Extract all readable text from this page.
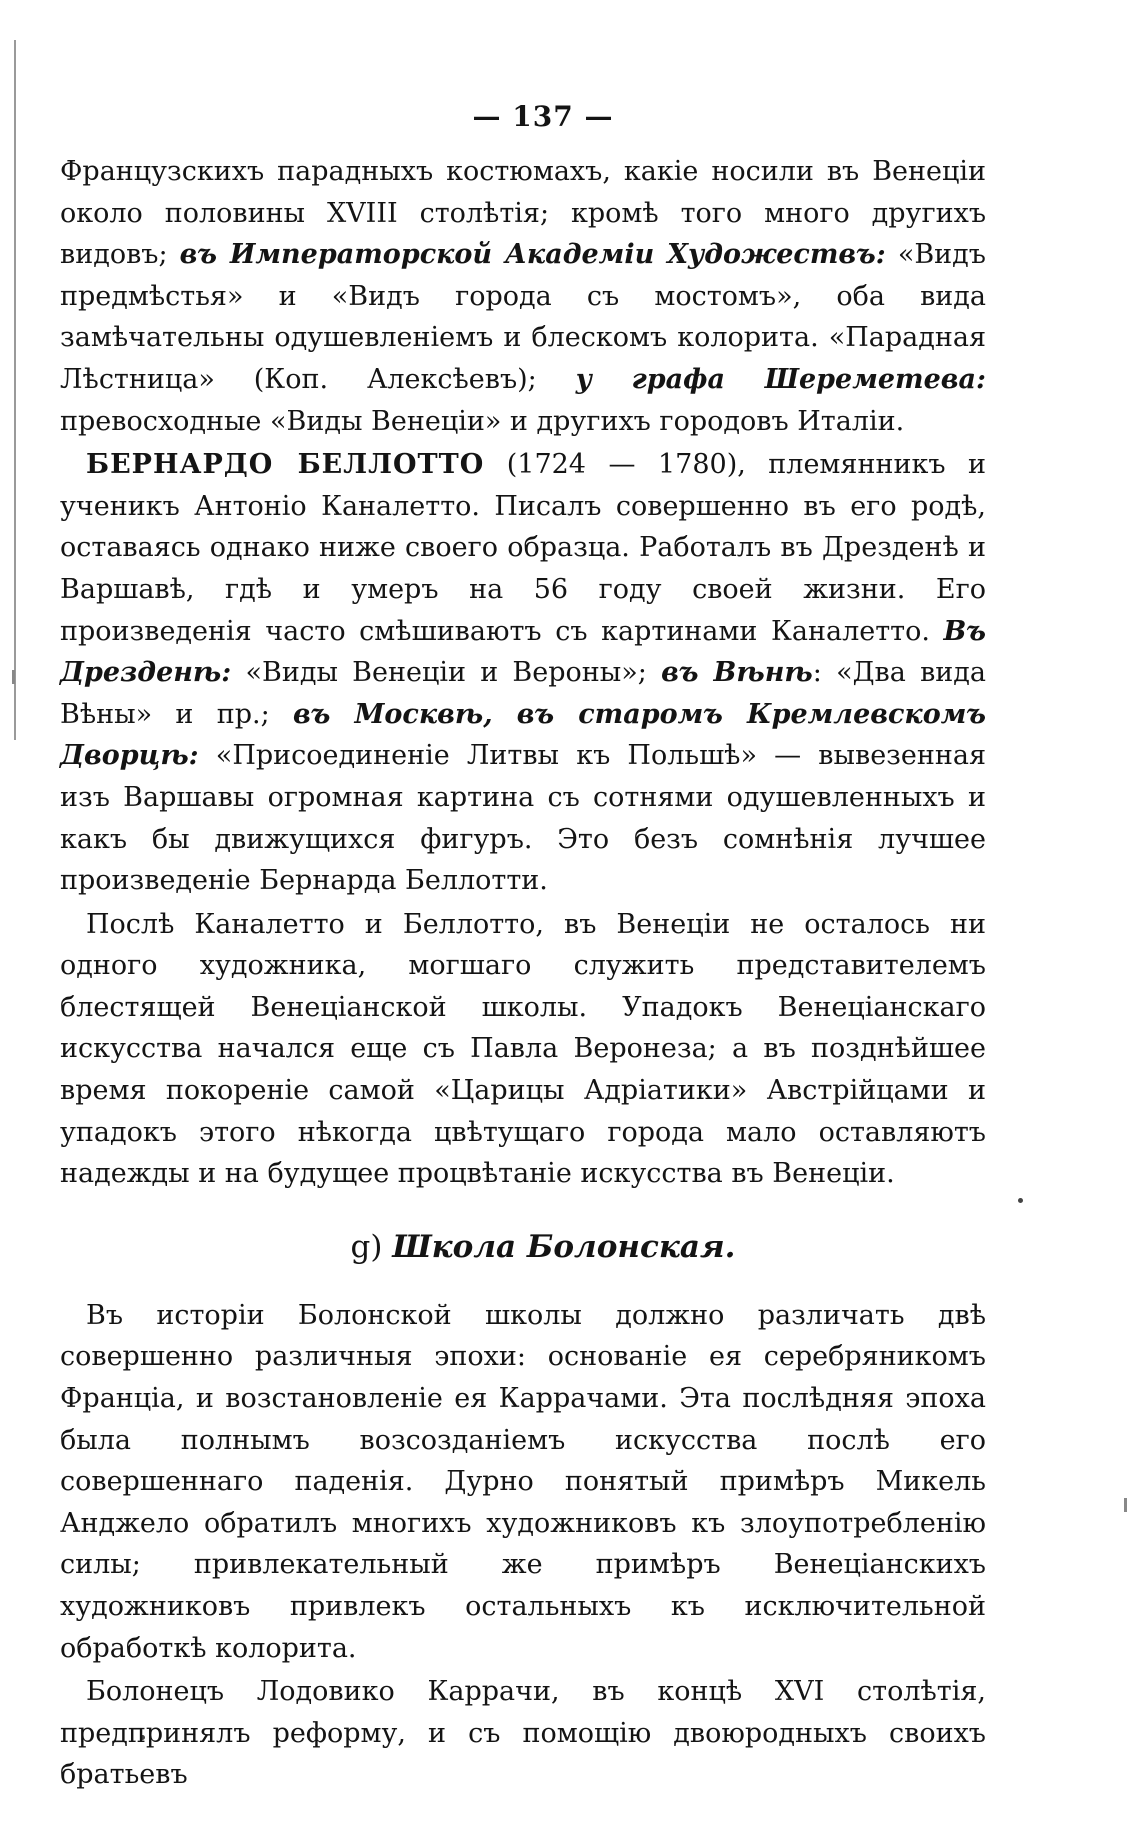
— 137 —

Французскихъ парадныхъ костюмахъ, какiе носили въ Венецiи около половины XVIII столѣтiя; кромѣ того много другихъ видовъ; въ Императорской Академiи Художествъ: «Видъ предмѣстья» и «Видъ города съ мостомъ», оба вида замѣчательны одушевленiемъ и блескомъ колорита. «Парадная Лѣстница» (Коп. Алексѣевъ); у графа Шереметева: превосходные «Виды Венецiи» и другихъ городовъ Италiи.

БЕРНАРДО БЕЛЛОТТО (1724 — 1780), племянникъ и ученикъ Антонiо Каналетто. Писалъ совершенно въ его родѣ, оставаясь однако ниже своего образца. Работалъ въ Дрезденѣ и Варшавѣ, гдѣ и умеръ на 56 году своей жизни. Его произведенiя часто смѣшиваютъ съ картинами Каналетто. Въ Дрезденѣ: «Виды Венецiи и Вероны»; въ Вѣнѣ: «Два вида Вѣны» и пр.; въ Москвѣ, въ старомъ Кремлевскомъ Дворцѣ: «Присоединенiе Литвы къ Польшѣ» — вывезенная изъ Варшавы огромная картина съ сотнями одушевленныхъ и какъ бы движущихся фигуръ. Это безъ сомнѣнiя лучшее произведенiе Бернарда Беллотти.

Послѣ Каналетто и Беллотто, въ Венецiи не осталось ни одного художника, могшаго служить представителемъ блестящей Венецiанской школы. Упадокъ Венецiанскаго искусства начался еще съ Павла Веронеза; а въ позднѣйшее время покоренiе самой «Царицы Адрiатики» Австрiйцами и упадокъ этого нѣкогда цвѣтущаго города мало оставляютъ надежды и на будущее процвѣтанiе искусства въ Венецiи.

g) Школа Болонская.

Въ исторiи Болонской школы должно различать двѣ совершенно различныя эпохи: основанiе ея серебряникомъ Францiа, и возстановленiе ея Каррачами. Эта послѣдняя эпоха была полнымъ возсозданiемъ искусства послѣ его совершеннаго паденiя. Дурно понятый примѣръ Микель Анджело обратилъ многихъ художниковъ къ злоупотребленiю силы; привлекательный же примѣръ Венецiанскихъ художниковъ привлекъ остальныхъ къ исключительной обработкѣ колорита.

Болонецъ Лодовико Каррачи, въ концѣ XVI столѣтiя, предпринялъ реформу, и съ помощiю двоюродныхъ своихъ братьевъ
